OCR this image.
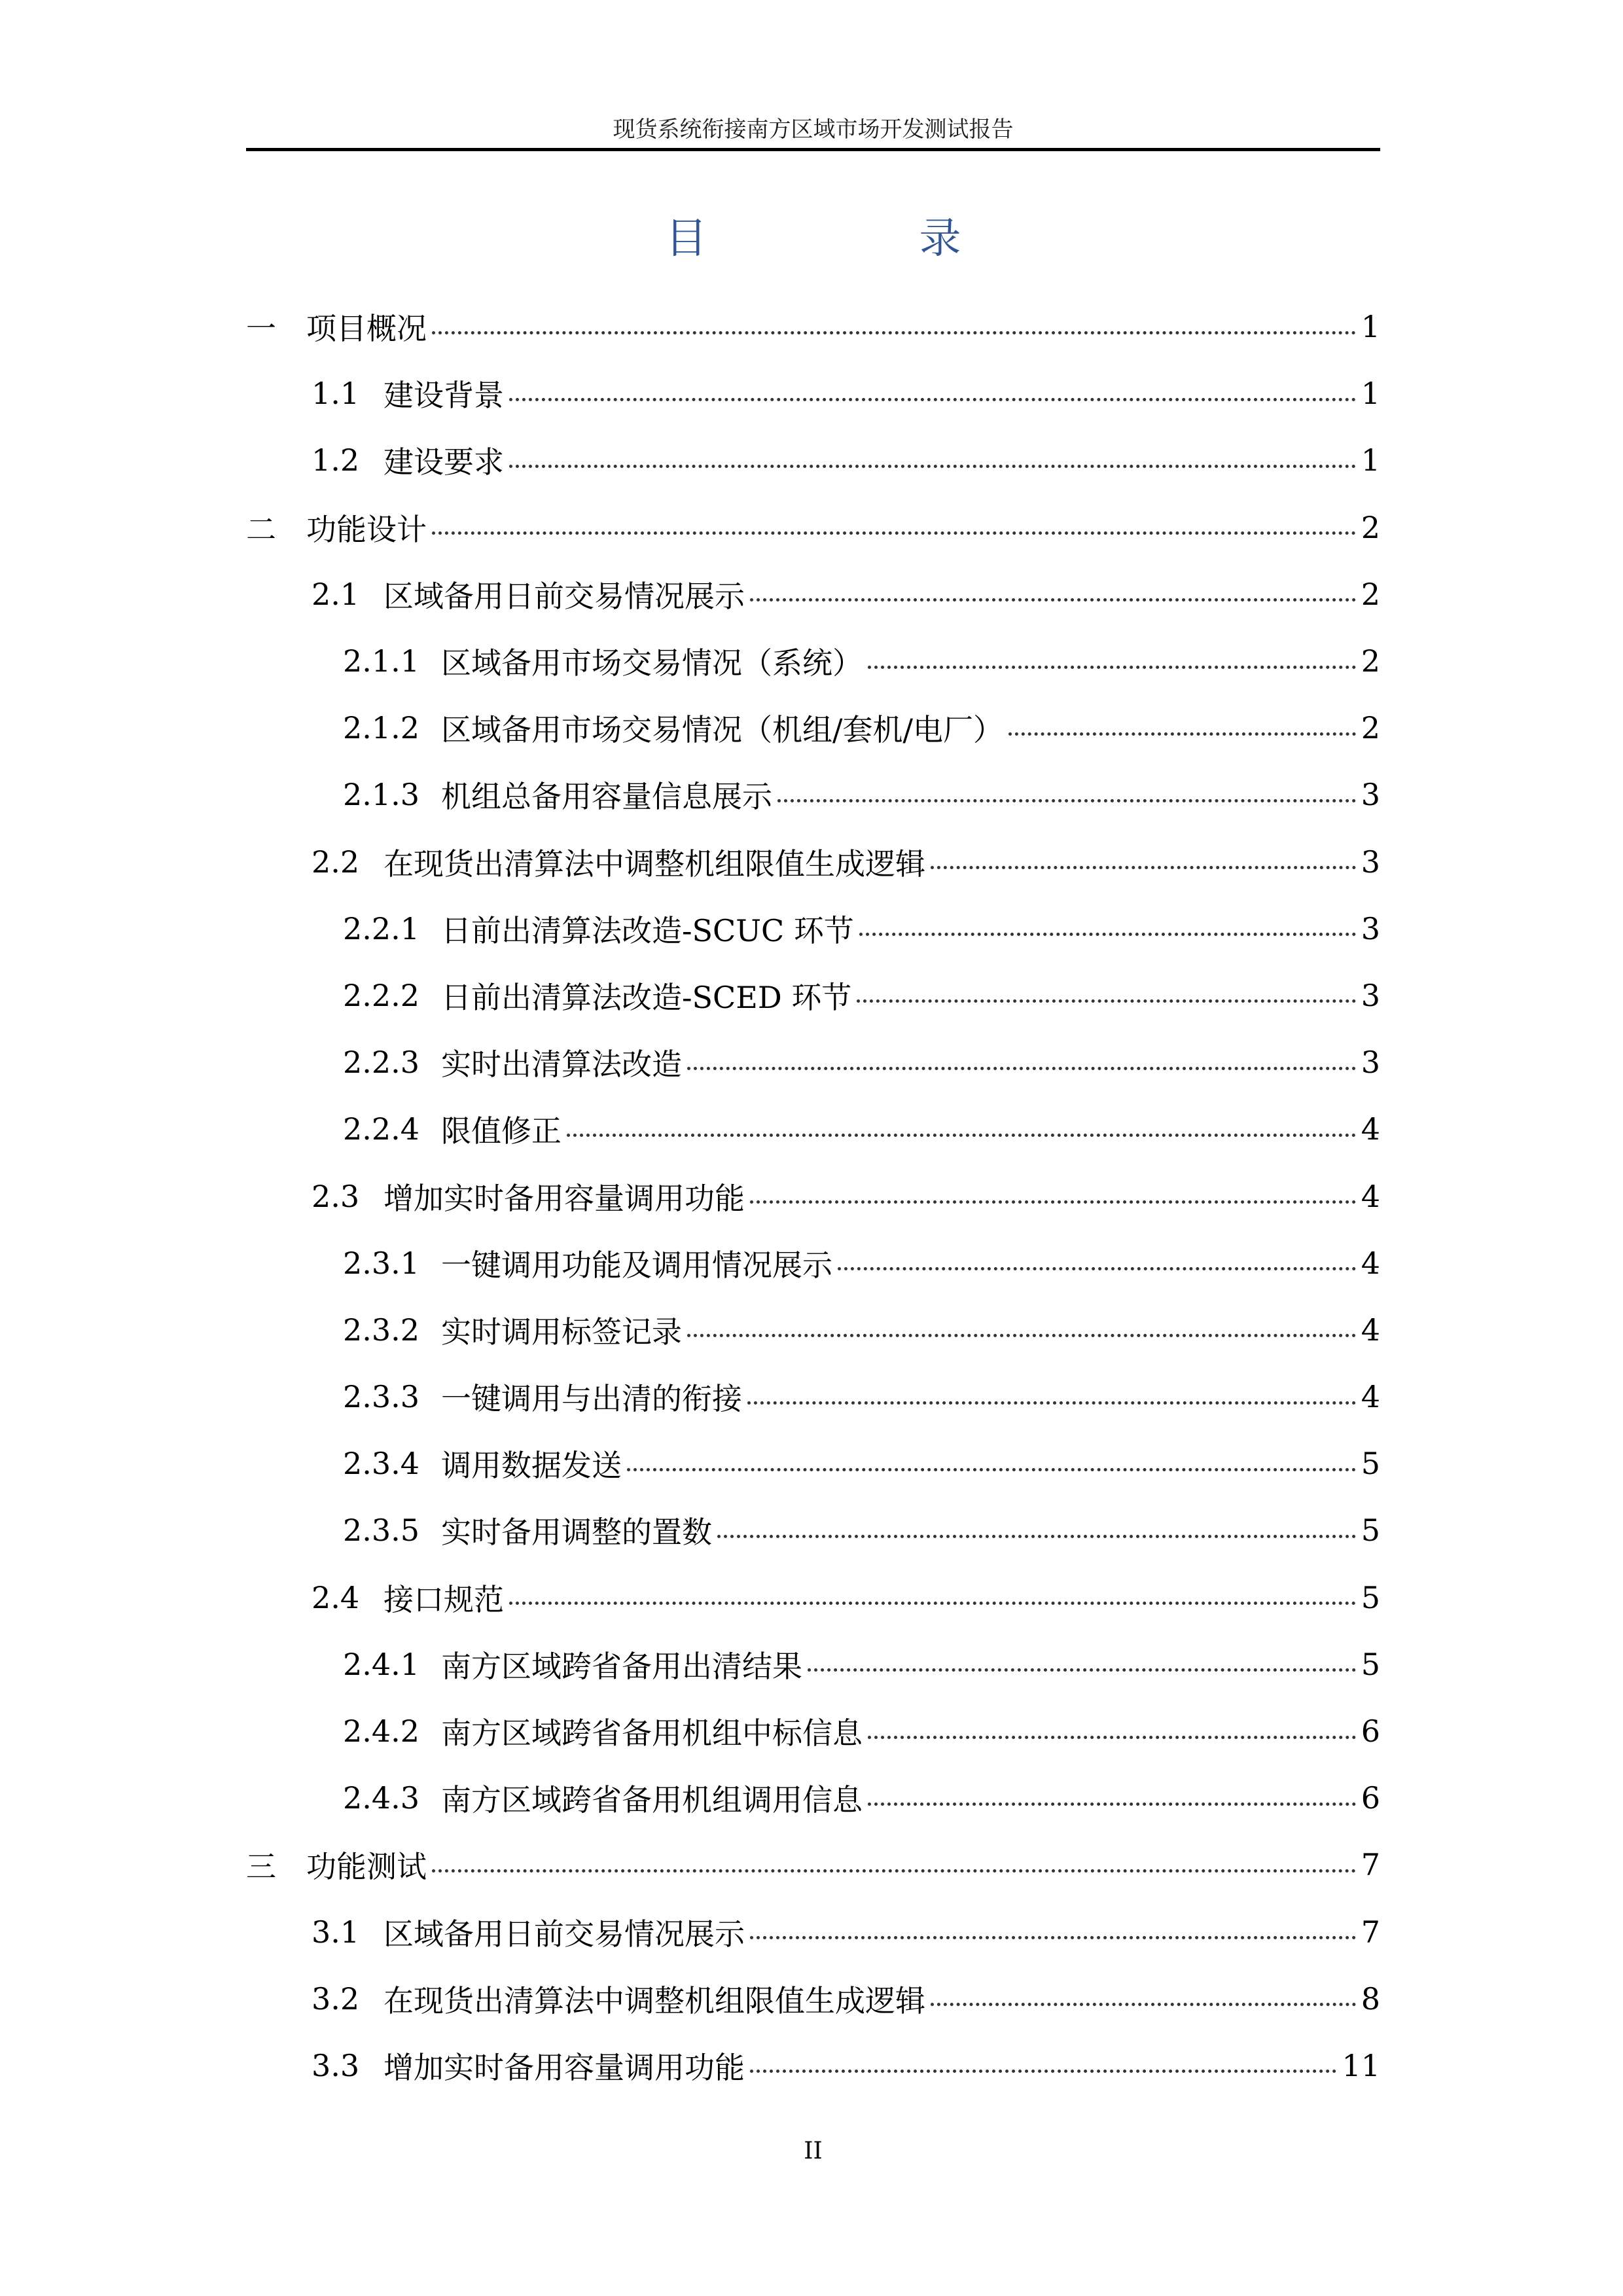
现货系统衔接南方区域市场开发测试报告
目　录
一	项目概况	1
1.1 建设背景	1
1.2 建设要求	1
二	功能设计	2
2.1 区域备用日前交易情况展示	2
2.1.1 区域备用市场交易情况（系统）	2
2.1.2 区域备用市场交易情况（机组/套机/电厂）	2
2.1.3 机组总备用容量信息展示	3
2.2 在现货出清算法中调整机组限值生成逻辑	3
2.2.1 日前出清算法改造-SCUC 环节	3
2.2.2 日前出清算法改造-SCED 环节	3
2.2.3 实时出清算法改造	3
2.2.4 限值修正	4
2.3 增加实时备用容量调用功能	4
2.3.1 一键调用功能及调用情况展示	4
2.3.2 实时调用标签记录	4
2.3.3 一键调用与出清的衔接	4
2.3.4 调用数据发送	5
2.3.5 实时备用调整的置数	5
2.4 接口规范	5
2.4.1 南方区域跨省备用出清结果	5
2.4.2 南方区域跨省备用机组中标信息	6
2.4.3 南方区域跨省备用机组调用信息	6
三	功能测试	7
3.1 区域备用日前交易情况展示	7
3.2 在现货出清算法中调整机组限值生成逻辑	8
3.3 增加实时备用容量调用功能	11
II
